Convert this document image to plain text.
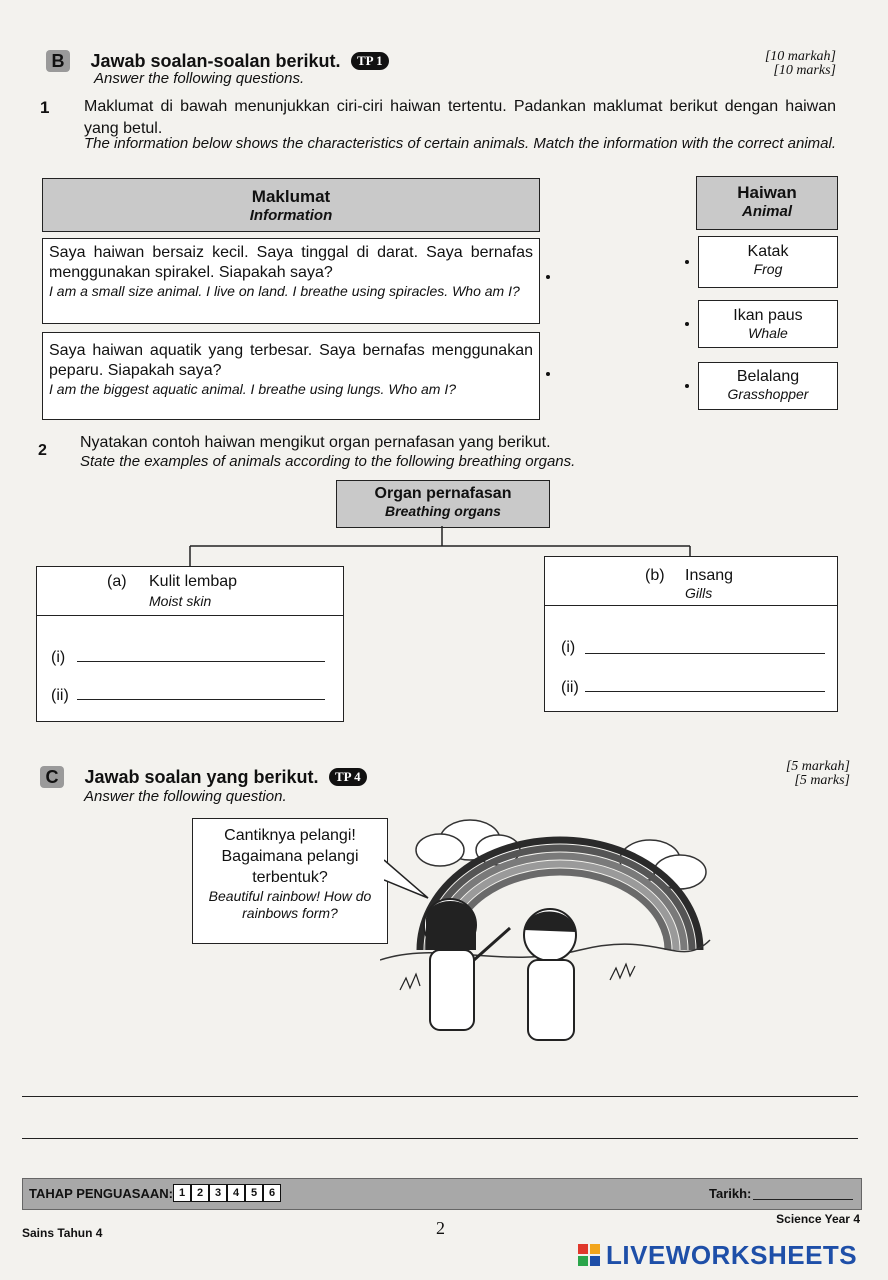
B Jawab soalan-soalan berikut. TP 1
Answer the following questions.
[10 markah]
[10 marks]
1 Maklumat di bawah menunjukkan ciri-ciri haiwan tertentu. Padankan maklumat berikut dengan haiwan yang betul.
The information below shows the characteristics of certain animals. Match the information with the correct animal.
Maklumat
Information
Haiwan
Animal
Saya haiwan bersaiz kecil. Saya tinggal di darat. Saya bernafas menggunakan spirakel. Siapakah saya?
I am a small size animal. I live on land. I breathe using spiracles. Who am I?
Saya haiwan aquatik yang terbesar. Saya bernafas menggunakan peparu. Siapakah saya?
I am the biggest aquatic animal. I breathe using lungs. Who am I?
Katak
Frog
Ikan paus
Whale
Belalang
Grasshopper
2 Nyatakan contoh haiwan mengikut organ pernafasan yang berikut.
State the examples of animals according to the following breathing organs.
Organ pernafasan
Breathing organs
(a) Kulit lembap
Moist skin
(i)
(ii)
(b) Insang
Gills
(i)
(ii)
C Jawab soalan yang berikut. TP 4
Answer the following question.
[5 markah]
[5 marks]
Cantiknya pelangi! Bagaimana pelangi terbentuk?
Beautiful rainbow! How do rainbows form?
TAHAP PENGUASAAN: 1	2	3	4	5	6	Tarikh:
Sains Tahun 4	2	Science Year 4
LIVEWORKSHEETS
